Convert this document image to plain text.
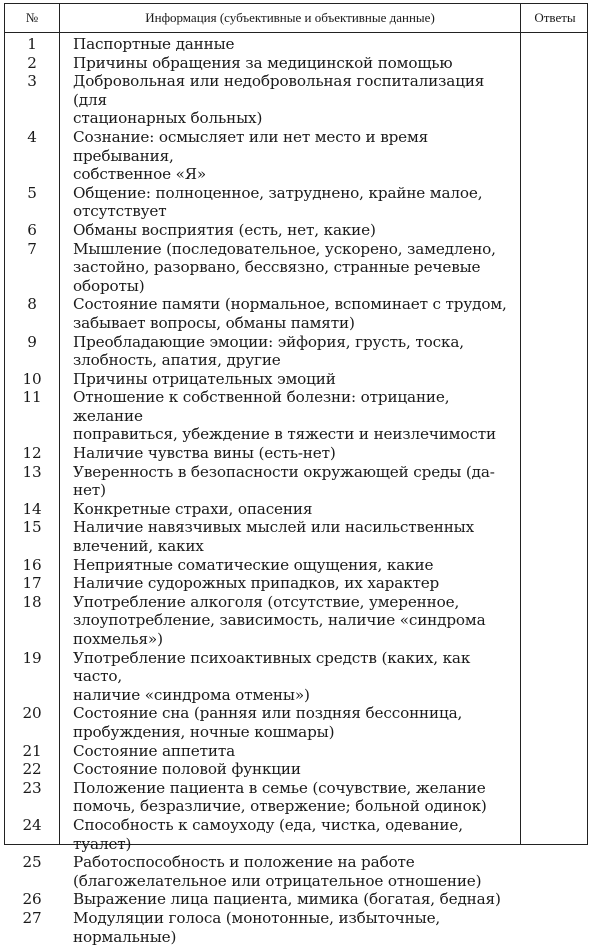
№	Информация (субъективные и объективные данные)	Ответы
1	Паспортные данные
2	Причины обращения за медицинской помощью
3	Добровольная или недобровольная госпитализация (для
стационарных больных)
4	Сознание: осмысляет или нет место и время пребывания,
собственное «Я»
5	Общение: полноценное, затруднено, крайне малое,
отсутствует
6	Обманы восприятия (есть, нет, какие)
7	Мышление (последовательное, ускорено, замедлено,
застойно, разорвано, бессвязно, странные речевые
обороты)
8	Состояние памяти (нормальное, вспоминает с трудом,
забывает вопросы, обманы памяти)
9	Преобладающие эмоции: эйфория, грусть, тоска,
злобность, апатия, другие
10	Причины отрицательных эмоций
11	Отношение к собственной болезни: отрицание, желание
поправиться, убеждение в тяжести и неизлечимости
12	Наличие чувства вины (есть-нет)
13	Уверенность в безопасности окружающей среды (да-нет)
14	Конкретные страхи, опасения
15	Наличие навязчивых мыслей или насильственных
влечений, каких
16	Неприятные соматические ощущения, какие
17	Наличие судорожных припадков, их характер
18	Употребление алкоголя (отсутствие, умеренное,
злоупотребление, зависимость, наличие «синдрома
похмелья»)
19	Употребление психоактивных средств (каких, как часто,
наличие «синдрома отмены»)
20	Состояние сна (ранняя или поздняя бессонница,
пробуждения, ночные кошмары)
21	Состояние аппетита
22	Состояние половой функции
23	Положение пациента в семье (сочувствие, желание
помочь, безразличие, отвержение; больной одинок)
24	Способность к самоуходу (еда, чистка, одевание, туалет)
25	Работоспособность и положение на работе
(благожелательное или отрицательное отношение)
26	Выражение лица пациента, мимика (богатая, бедная)
27	Модуляции голоса (монотонные, избыточные,
нормальные)
